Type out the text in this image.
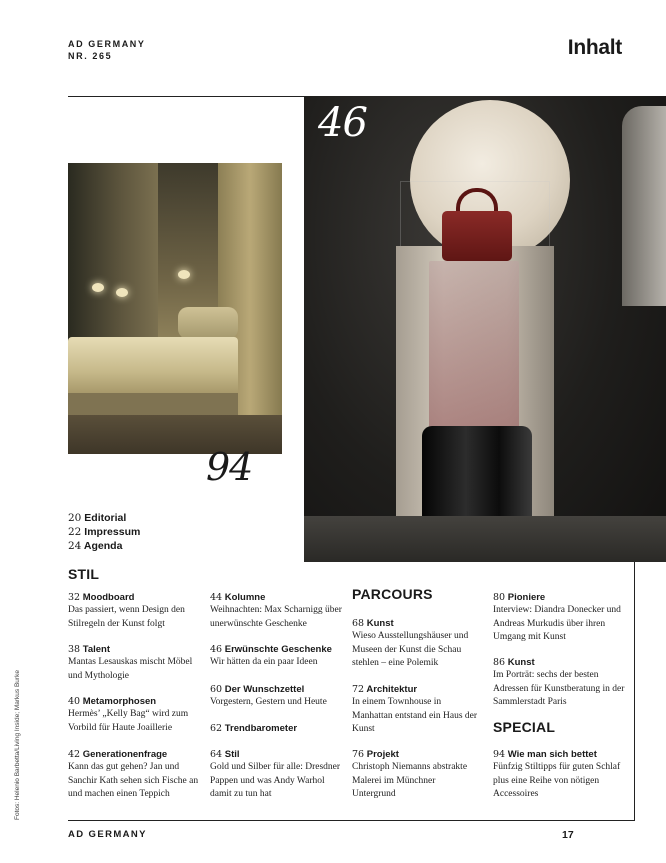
AD GERMANY
NR. 265	Inhalt
94
46
20 Editorial
22 Impressum
24 Agenda
STIL
PARCOURS
SPECIAL
32 Moodboard
Das passiert, wenn Design den Stilregeln der Kunst folgt
38 Talent
Mantas Lesauskas mischt Möbel und Mythologie
40 Metamorphosen
Hermès’ „Kelly Bag“ wird zum Vorbild für Haute Joaillerie
42 Generationenfrage
Kann das gut gehen? Jan und Sanchir Kath sehen sich Fische an und machen einen Teppich
44 Kolumne
Weihnachten: Max Scharnigg über unerwünschte Geschenke
46 Erwünschte Geschenke
Wir hätten da ein paar Ideen
60 Der Wunschzettel
Vorgestern, Gestern und Heute
62 Trendbarometer
64 Stil
Gold und Silber für alle: Dresdner Pappen und was Andy Warhol damit zu tun hat
68 Kunst
Wieso Ausstellungshäuser und Museen der Kunst die Schau stehlen – eine Polemik
72 Architektur
In einem Townhouse in Manhattan entstand ein Haus der Kunst
76 Projekt
Christoph Niemanns abstrakte Malerei im Münchner Untergrund
80 Pioniere
Interview: Diandra Donecker und Andreas Murkudis über ihren Umgang mit Kunst
86 Kunst
Im Porträt: sechs der besten Adressen für Kunstberatung in der Sammlerstadt Paris
94 Wie man sich bettet
Fünfzig Stiltipps für guten Schlaf plus eine Reihe von nötigen Accessoires
Fotos: Helenio Barbetta/Living Inside; Markus Burke
AD GERMANY	17
